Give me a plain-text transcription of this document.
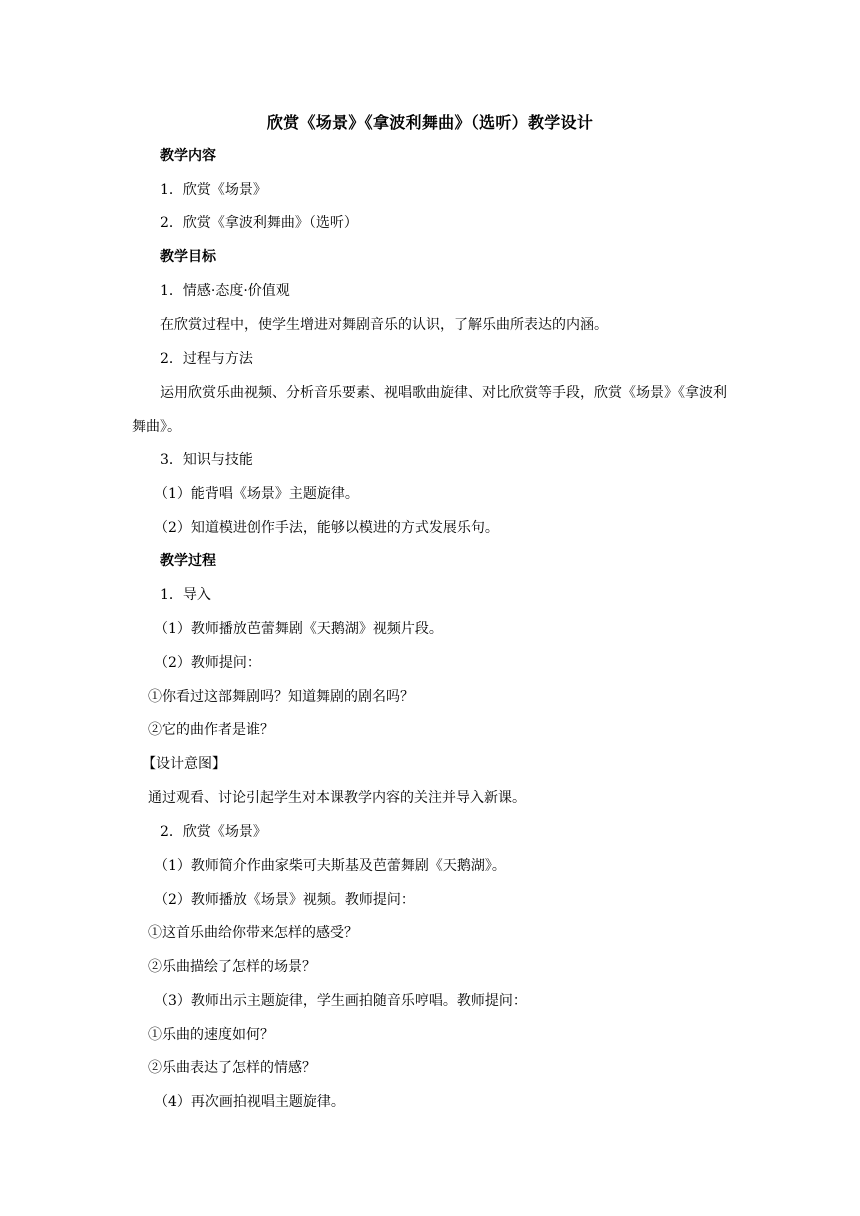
欣赏《场景》《拿波利舞曲》（选听）教学设计
教学内容
1．欣赏《场景》
2．欣赏《拿波利舞曲》（选听）
教学目标
1．情感·态度·价值观
在欣赏过程中，使学生增进对舞剧音乐的认识，了解乐曲所表达的内涵。
2．过程与方法
运用欣赏乐曲视频、分析音乐要素、视唱歌曲旋律、对比欣赏等手段，欣赏《场景》《拿波利舞曲》。
3．知识与技能
（1）能背唱《场景》主题旋律。
（2）知道模进创作手法，能够以模进的方式发展乐句。
教学过程
1．导入
（1）教师播放芭蕾舞剧《天鹅湖》视频片段。
（2）教师提问：
①你看过这部舞剧吗？知道舞剧的剧名吗？
②它的曲作者是谁？
【设计意图】
通过观看、讨论引起学生对本课教学内容的关注并导入新课。
2．欣赏《场景》
（1）教师简介作曲家柴可夫斯基及芭蕾舞剧《天鹅湖》。
（2）教师播放《场景》视频。教师提问：
①这首乐曲给你带来怎样的感受？
②乐曲描绘了怎样的场景？
（3）教师出示主题旋律，学生画拍随音乐哼唱。教师提问：
①乐曲的速度如何？
②乐曲表达了怎样的情感？
（4）再次画拍视唱主题旋律。
